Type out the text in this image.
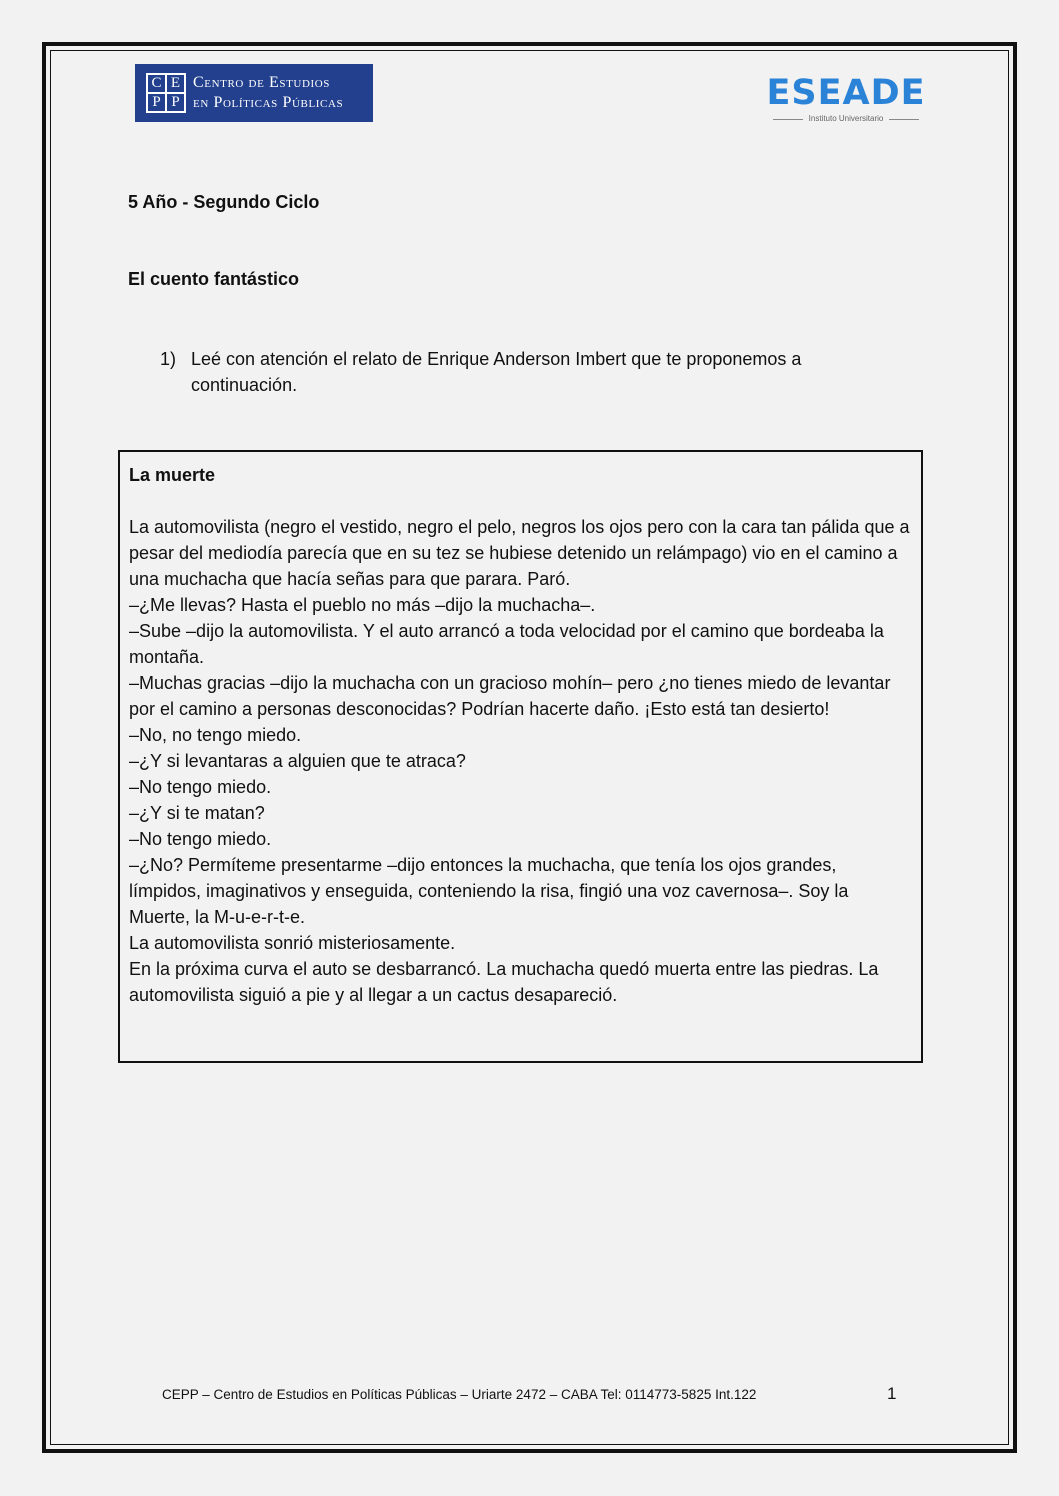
C E
P P
Centro de Estudios
en Políticas Públicas	ESEADE
Instituto Universitario
5 Año - Segundo Ciclo
El cuento fantástico
1) Leé con atención el relato de Enrique Anderson Imbert que te proponemos a continuación.

La muerte

La automovilista (negro el vestido, negro el pelo, negros los ojos pero con la cara tan pálida que a pesar del mediodía parecía que en su tez se hubiese detenido un relámpago) vio en el camino a una muchacha que hacía señas para que parara. Paró.

–¿Me llevas? Hasta el pueblo no más –dijo la muchacha–.

–Sube –dijo la automovilista. Y el auto arrancó a toda velocidad por el camino que bordeaba la montaña.

–Muchas gracias –dijo la muchacha con un gracioso mohín– pero ¿no tienes miedo de levantar por el camino a personas desconocidas? Podrían hacerte daño. ¡Esto está tan desierto!

–No, no tengo miedo.

–¿Y si levantaras a alguien que te atraca?

–No tengo miedo.

–¿Y si te matan?

–No tengo miedo.

–¿No? Permíteme presentarme –dijo entonces la muchacha, que tenía los ojos grandes, límpidos, imaginativos y enseguida, conteniendo la risa, fingió una voz cavernosa–. Soy la Muerte, la M-u-e-r-t-e.

La automovilista sonrió misteriosamente.

En la próxima curva el auto se desbarrancó. La muchacha quedó muerta entre las piedras. La automovilista siguió a pie y al llegar a un cactus desapareció.

CEPP – Centro de Estudios en Políticas Públicas – Uriarte 2472 – CABA Tel: 0114773-5825 Int.122	1
